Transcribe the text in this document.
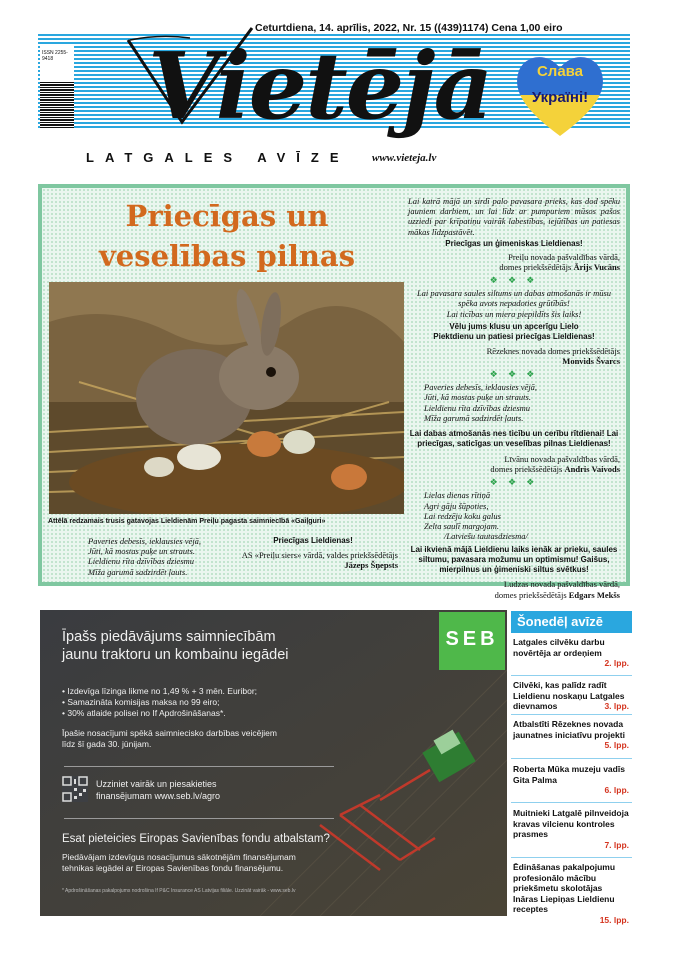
Ceturtdiena, 14. aprīlis, 2022, Nr. 15 ((439)1174) Cena 1,00 eiro
Vietējā
LATGALES AVĪZE www.vieteja.lv
ISSN 2255-9418
Слава
Україні!
Priecīgas un veselības pilnas
Attēlā redzamais trusis gatavojas Lieldienām Preiļu pagasta saimniecībā «Gaiļguri»

Lai katrā mājā un sirdī palo pavasara prieks, kas dod spēku jauniem darbiem, un lai līdz ar pumpuriem mūsos pašos uzziedi par krīpatiņu vairāk labestības, iejūtības un patiesas mākas līdzpastāvēt.

Priecīgas un ģimeniskas Lieldienas!

Preiļu novada pašvaldības vārdā,

domes priekšsēdētājs Ārijs Vucāns

❖ ❖ ❖

Lai pavasara saules siltums un dabas atmošanās ir mūsu spēka avots nepadoties grūtībās!

Lai ticības un miera piepildīts šis laiks!

Vēlu jums klusu un apcerīgu Lielo Piektdienu un patiesi priecīgas Lieldienas!

Rēzeknes novada domes priekšsēdētājs

Monvids Švarcs

❖ ❖ ❖

Paveries debesīs, ieklausies vējā,

Jūti, kā mostas puķe un strauts.

Lieldienu rīta dzīvības dziesmu

Mīža garumā sadzirdēt ļauts.

Lai dabas atmošanās nes ticību un cerību rītdienai! Lai priecīgas, saticīgas un veselības pilnas Lieldienas!

Līvānu novada pašvaldības vārdā,

domes priekšsēdētājs Andris Vaivods

❖ ❖ ❖

Lielas dienas rītiņā

Agri gāju šūpoties,

Lai redzēju koku galus

Zelta saulī margojam.

/Latviešu tautasdziesma/

Lai ikvienā mājā Lieldienu laiks ienāk ar prieku, saules siltumu, pavasara možumu un optimismu! Gaišus, mierpilnus un ģimeniski siltus svētkus!

Ludzas novada pašvaldības vārdā,

domes priekšsēdētājs Edgars Mekšs

Paveries debesīs, ieklausies vējā,
Jūti, kā mostas puķe un strauts.
Lieldienu rīta dzīvības dziesmu
Mīža garumā sadzirdēt ļauts.
Priecīgas Lieldienas!
AS «Preiļu siers» vārdā, valdes priekšsēdētājs
Jāzeps Šņepsts
SEB
Īpašs piedāvājums saimniecībām
jaunu traktoru un kombainu iegādei
• Izdevīga līzinga likme no 1,49 % + 3 mēn. Euribor;
• Samazināta komisijas maksa no 99 eiro;
• 30% atlaide polisei no If Apdrošināšanas*.
Īpašie nosacījumi spēkā saimniecisko darbības veicējiem
līdz šī gada 30. jūnijam.
Uzziniet vairāk un piesakieties
finansējumam www.seb.lv/agro
Esat pieteicies Eiropas Savienības fondu atbalstam?
Piedāvājam izdevīgus nosacījumus sākotnējām finansējumam
tehnikas iegādei ar Eiropas Savienības fondu finansējumu.
* Apdrošināšanas pakalpojums nodrošina If P&C Insurance AS Latvijas filiāle. Uzzināt vairāk - www.seb.lv
Šonedēļ avīzē
Latgales cilvēku darbu novērtēja ar ordeņiem
2. lpp.
Cilvēki, kas palīdz radīt Lieldienu noskaņu Latgales dievnamos	3. lpp.
Atbalstīti Rēzeknes novada jaunatnes iniciatīvu projekti
5. lpp.
Roberta Mūka muzeju vadīs Gita Palma
6. lpp.
Muitnieki Latgalē pilnveidoja kravas vilcienu kontroles prasmes
7. lpp.
Ēdināšanas pakalpojumu profesionālo mācību priekšmetu skolotājas Ināras Liepiņas Lieldienu receptes
15. lpp.
